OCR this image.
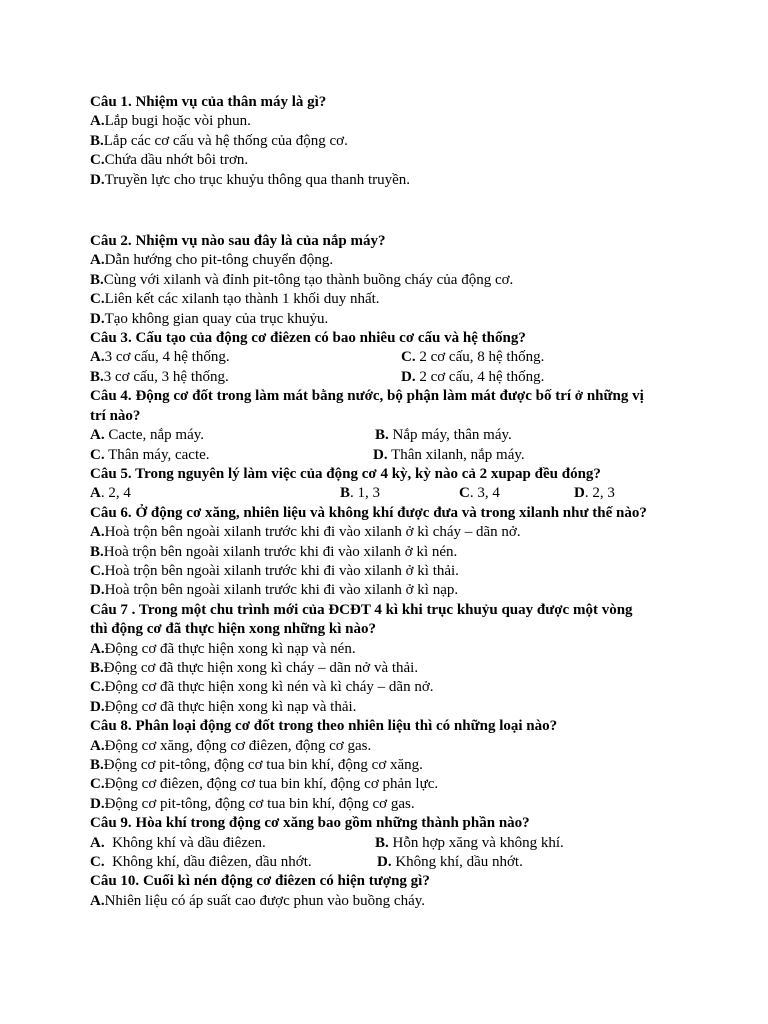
Câu 1. Nhiệm vụ của thân máy là gì?
A.Lắp bugi hoặc vòi phun.
B.Lắp các cơ cấu và hệ thống của động cơ.
C.Chứa dầu nhớt bôi trơn.
D.Truyền lực cho trục khuỷu thông qua thanh truyền.
Câu 2. Nhiệm vụ nào sau đây là của nắp máy?
A.Dẫn hướng cho pit-tông chuyển động.
B.Cùng với xilanh và đỉnh pit-tông tạo thành buồng cháy của động cơ.
C.Liên kết các xilanh tạo thành 1 khối duy nhất.
D.Tạo không gian quay của trục khuỷu.
Câu 3. Cấu tạo của động cơ điêzen có bao nhiêu cơ cấu và hệ thống?
A.3 cơ cấu, 4 hệ thống.	C. 2 cơ cấu, 8 hệ thống.
B.3 cơ cấu, 3 hệ thống.	D. 2 cơ cấu, 4 hệ thống.
Câu 4. Động cơ đốt trong làm mát bằng nước, bộ phận làm mát được bố trí ở những vị trí nào?
A. Cacte, nắp máy.	B. Nắp máy, thân máy.
C. Thân máy, cacte.	D. Thân xilanh, nắp máy.
Câu 5. Trong nguyên lý làm việc của động cơ 4 kỳ, kỳ nào cả 2 xupap đều đóng?
A. 2, 4	B. 1, 3	C. 3, 4	D. 2, 3
Câu 6. Ở động cơ xăng, nhiên liệu và không khí được đưa và trong xilanh như thế nào?
A.Hoà trộn bên ngoài xilanh trước khi đi vào xilanh ở kì cháy – dãn nở.
B.Hoà trộn bên ngoài xilanh trước khi đi vào xilanh ở kì nén.
C.Hoà trộn bên ngoài xilanh trước khi đi vào xilanh ở kì thải.
D.Hoà trộn bên ngoài xilanh trước khi đi vào xilanh ở kì nạp.
Câu 7 . Trong một chu trình mới của ĐCĐT 4 kì khi trục khuỷu quay được một vòng thì động cơ đã thực hiện xong những kì nào?
A.Động cơ đã thực hiện xong kì nạp và nén.
B.Động cơ đã thực hiện xong kì cháy – dãn nở và thải.
C.Động cơ đã thực hiện xong kì nén và kì cháy – dãn nở.
D.Động cơ đã thực hiện xong kì nạp và thải.
Câu 8. Phân loại động cơ đốt trong theo nhiên liệu thì có những loại nào?
A.Động cơ xăng, động cơ điêzen, động cơ gas.
B.Động cơ pit-tông, động cơ tua bin khí, động cơ xăng.
C.Động cơ điêzen, động cơ tua bin khí, động cơ phản lực.
D.Động cơ pit-tông, động cơ tua bin khí, động cơ gas.
Câu 9. Hòa khí trong động cơ xăng bao gồm những thành phần nào?
A.  Không khí và dầu điêzen.	B. Hỗn hợp xăng và không khí.
C.  Không khí, dầu điêzen, dầu nhớt.	D. Không khí, dầu nhớt.
Câu 10. Cuối kì nén động cơ điêzen có hiện tượng gì?
A.Nhiên liệu có áp suất cao được phun vào buồng cháy.
